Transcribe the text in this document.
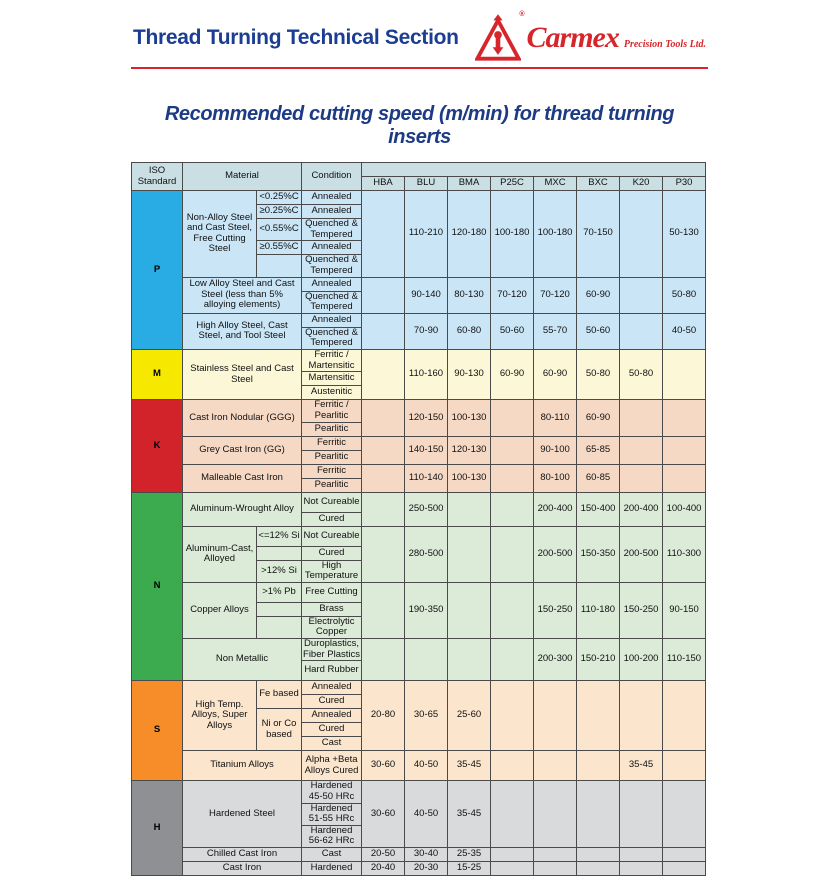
Thread Turning Technical Section
®
Carmex Precision Tools Ltd.
Recommended cutting speed (m/min) for thread turning inserts
ISO Standard	Material		Condition								
				HBA	BLU	BMA	P25C	MXC	BXC	K20	P30
P	Non-Alloy Steel and Cast Steel, Free Cutting Steel	<0.25%C	Annealed		110-210	120-180	100-180	100-180	70-150		50-130
		≥0.25%C	Annealed								
		<0.55%C	Quenched & Tempered								
		≥0.55%C	Annealed								
			Quenched & Tempered								
	Low Alloy Steel and Cast Steel (less than 5% alloying elements)		Annealed		90-140	80-130	70-120	70-120	60-90		50-80
			Quenched & Tempered								
	High Alloy Steel, Cast Steel, and Tool Steel		Annealed		70-90	60-80	50-60	55-70	50-60		40-50
			Quenched & Tempered								
M	Stainless Steel and Cast Steel		Ferritic / Martensitic		110-160	90-130	60-90	60-90	50-80	50-80	
			Martensitic								
			Austenitic								
K	Cast Iron Nodular (GGG)		Ferritic / Pearlitic		120-150	100-130		80-110	60-90		
			Pearlitic								
	Grey Cast Iron (GG)		Ferritic		140-150	120-130		90-100	65-85		
			Pearlitic								
	Malleable Cast Iron		Ferritic		110-140	100-130		80-100	60-85		
			Pearlitic								
N	Aluminum-Wrought Alloy		Not Cureable		250-500			200-400	150-400	200-400	100-400
			Cured								
	Aluminum-Cast, Alloyed	<=12% Si	Not Cureable		280-500			200-500	150-350	200-500	110-300
			Cured								
		>12% Si	High Temperature								
	Copper Alloys	>1% Pb	Free Cutting		190-350			150-250	110-180	150-250	90-150
			Brass								
			Electrolytic Copper								
	Non Metallic		Duroplastics, Fiber Plastics					200-300	150-210	100-200	110-150
			Hard Rubber								
S	High Temp. Alloys, Super Alloys	Fe based	Annealed	20-80	30-65	25-60					
			Cured								
		Ni or Co based	Annealed								
			Cured								
			Cast								
	Titanium Alloys		Alpha +Beta Alloys Cured	30-60	40-50	35-45				35-45	
H	Hardened Steel		Hardened 45-50 HRc	30-60	40-50	35-45					
			Hardened 51-55 HRc								
			Hardened 56-62 HRc								
	Chilled Cast Iron		Cast	20-50	30-40	25-35					
	Cast Iron		Hardened	20-40	20-30	15-25					
